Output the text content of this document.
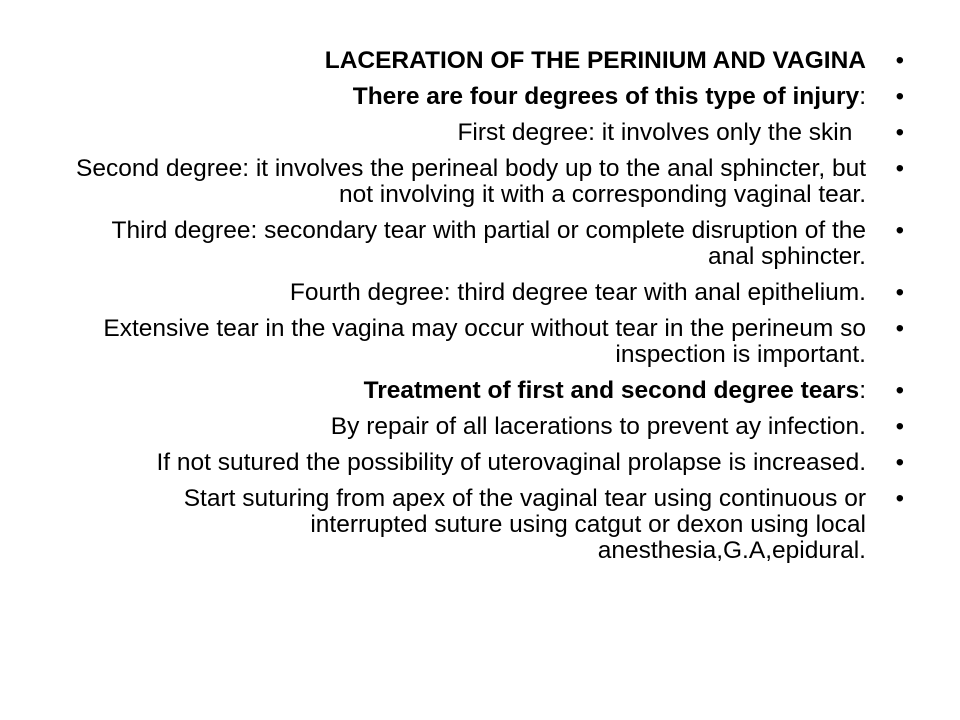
LACERATION OF THE PERINIUM AND VAGINA •
There are four degrees of this type of injury: •
First degree: it involves only the skin	•
Second degree: it involves the perineal body up to the anal sphincter, but not involving it with a corresponding vaginal tear.
•
Third degree: secondary tear with partial or complete disruption of the anal sphincter.
•
Fourth degree: third degree tear with anal epithelium. •
Extensive tear in the vagina may occur without tear in the perineum so inspection is important.
•
Treatment of first and second degree tears: •
By repair of all lacerations to prevent ay infection. •
If not sutured the possibility of uterovaginal prolapse is increased. •
Start suturing from apex of the vaginal tear using continuous or interrupted suture using catgut or dexon using local anesthesia,G.A,epidural.
•
